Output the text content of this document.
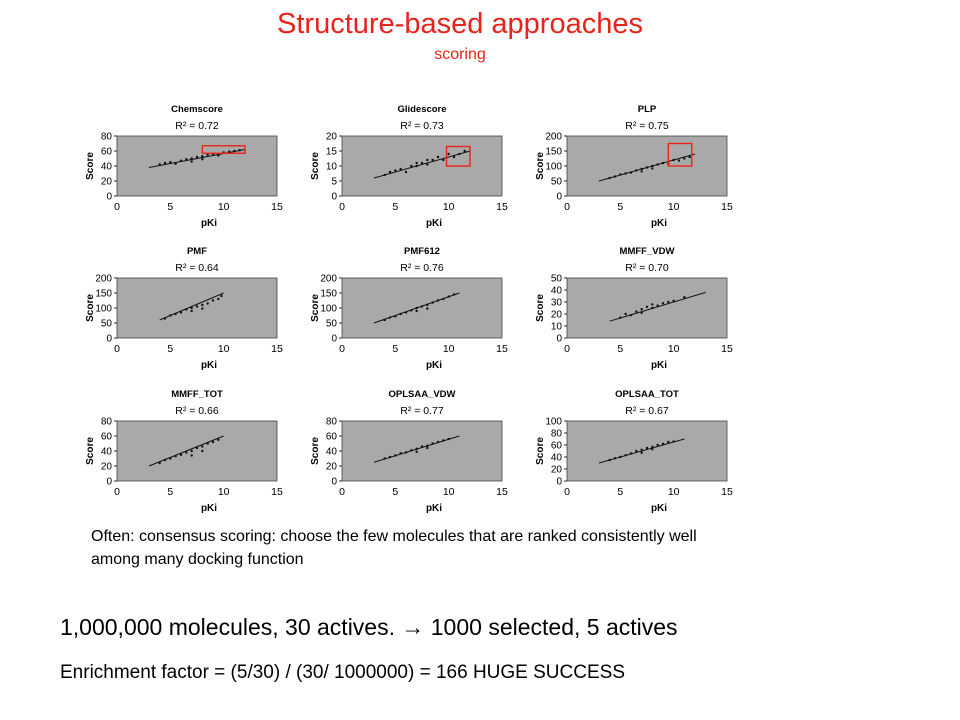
Structure-based approaches
scoring
Chemscore
R² = 0.72
0
20
40
60
80
0	5	10	15
Score
pKi
Glidescore
R² = 0.73
0
5
10
15
20
0	5	10	15
Score
pKi
PLP
R² = 0.75
0
50
100
150
200
0	5	10	15
Score
pKi
PMF
R² = 0.64
0
50
100
150
200
0	5	10	15
Score
pKi
PMF612
R² = 0.76
0
50
100
150
200
0	5	10	15
Score
pKi
MMFF_VDW
R² = 0.70
0
10
20
30
40
50
0	5	10	15
Score
pKi
MMFF_TOT
R² = 0.66
0
20
40
60
80
0	5	10	15
Score
pKi
OPLSAA_VDW
R² = 0.77
0
20
40
60
80
0	5	10	15
Score
pKi
OPLSAA_TOT
R² = 0.67
0
20
40
60
80
100
0	5	10	15
Score
pKi
Often: consensus scoring: choose the few molecules that are ranked consistently well
among many docking function
1,000,000 molecules, 30 actives. → 1000 selected, 5 actives
Enrichment factor = (5/30) / (30/ 1000000) = 166 HUGE SUCCESS
